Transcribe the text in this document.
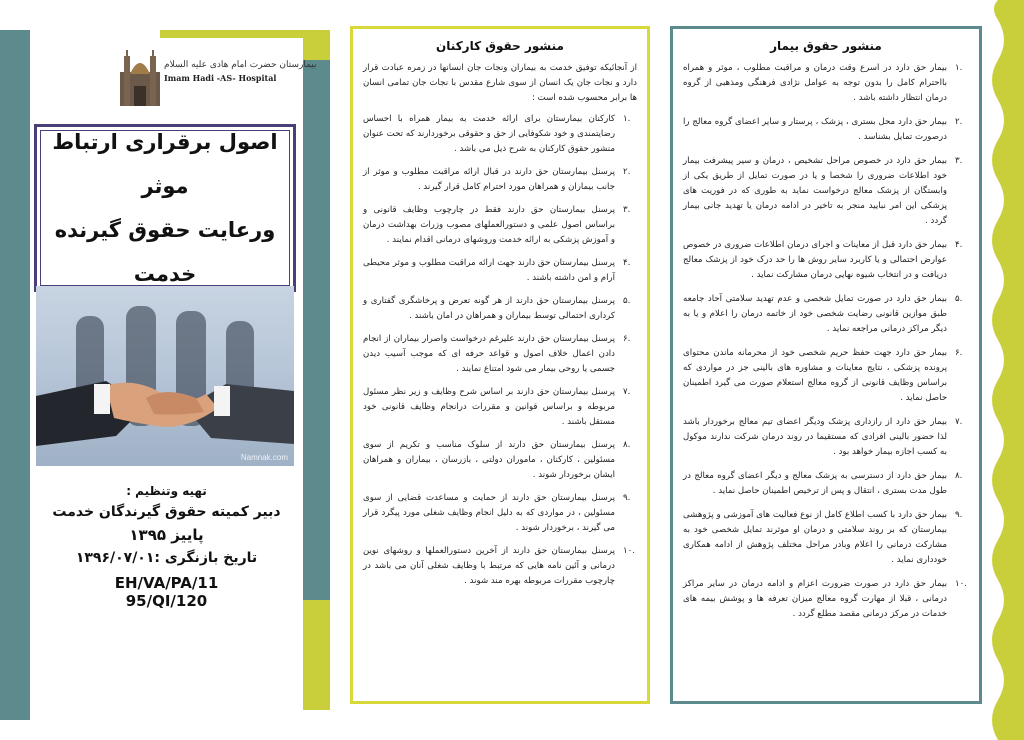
بیمارستان حضرت امام هادی علیه السلام
Imam Hadi -AS- Hospital
اصول برقراری ارتباط موثر
ورعایت حقوق گیرنده خدمت
Namnak.com
تهیه وتنظیم :
دبیر کمیته حقوق گیرندگان خدمت
پاییز ۱۳۹۵
تاریخ بازنگری :۱۳۹۶/۰۷/۰۱
EH/VA/PA/11
95/QI/120
منشور حقوق کارکنان
از آنجائیکه توفیق خدمت به بیماران ونجات جان انسانها در زمره عبادت قرار دارد و نجات جان یک انسان از سوی شارع مقدس با نجات جان تمامی انسان ها برابر محسوب شده است :
.۱
کارکنان بیمارستان برای ارائه خدمت به بیمار همراه با احساس رضایتمندی و خود شکوفایی از حق و حقوقی برخوردارند که تحت عنوان منشور حقوق کارکنان به شرح ذیل می باشد .
.۲
پرسنل بیمارستان حق دارند در قبال ارائه مراقبت مطلوب و موثر از جانب بیماران و همراهان مورد احترام کامل قرار گیرند .
.۳
پرسنل بیمارستان حق دارند فقط در چارچوب وظایف قانونی و براساس اصول علمی و دستورالعملهای مصوب وزرات بهداشت درمان و آموزش پزشکی به ارائه خدمت وروشهای درمانی اقدام نمایند .
.۴
پرسنل بیمارستان حق دارند جهت ارائه مراقبت مطلوب و موثر محیطی آرام و امن داشته باشند .
.۵
پرسنل بیمارستان حق دارند از هر گونه تعرض و پرخاشگری گفتاری و کرداری احتمالی توسط بیماران و همراهان در امان باشند .
.۶
پرسنل بیمارستان حق دارند علیرغم درخواست واصرار بیماران از انجام دادن اعمال خلاف اصول و قواعد حرفه ای که موجب آسیب دیدن جسمی یا روحی بیمار می شود امتناع نمایند .
.۷
پرسنل بیمارستان حق دارند بر اساس شرح وظایف و زیر نظر مسئول مربوطه و براساس قوانین و مقررات درانجام وظایف قانونی خود مستقل باشند .
.۸
پرسنل بیمارستان حق دارند از سلوک مناسب و تکریم از سوی مسئولین ، کارکنان ، ماموران دولتی ، بازرسان ، بیماران و همراهان ایشان برخوردار شوند .
.۹
پرسنل بیمارستان حق دارند از حمایت و مساعدت قضایی از سوی مسئولین ، در مواردی که به دلیل انجام وظایف شغلی مورد پیگرد قرار می گیرند ، برخوردار شوند .
.۱۰
پرسنل بیمارستان حق دارند از آخرین دستورالعملها و روشهای نوین درمانی و آئین نامه هایی که مرتبط با وظایف شغلی آنان می باشد در چارچوب مقررات مربوطه بهره مند شوند .
منشور حقوق بیمار
.۱
بیمار حق دارد در اسرع وقت درمان و مراقبت مطلوب ، موثر و همراه بااحترام کامل را بدون توجه به عوامل نژادی فرهنگی ومذهبی از گروه درمان انتظار داشته باشد .
.۲
بیمار حق دارد محل بستری ، پزشک ، پرستار و سایر اعضای گروه معالج را درصورت تمایل بشناسد .
.۳
بیمار حق دارد در خصوص مراحل تشخیص ، درمان و سیر پیشرفت بیمار خود اطلاعات ضروری را شخصا و یا در صورت تمایل از طریق یکی از وابستگان از پزشک معالج درخواست نماید به طوری که در فوریت های پزشکی این امر نبایید منجر به تاخیر در ادامه درمان یا تهدید جانی بیمار گردد .
.۴
بیمار حق دارد قبل از معاینات و اجرای درمان اطلاعات ضروری در خصوص عوارض احتمالی و یا کاربرد سایر روش ها را حد درک خود از پزشک معالج دریافت و در انتخاب شیوه نهایی درمان مشارکت نماید .
.۵
بیمار حق دارد در صورت تمایل شخصی و عدم تهدید سلامتی آحاد جامعه طبق موازین قانونی رضایت شخصی خود از خاتمه درمان را اعلام و یا به دیگر مراکز درمانی مراجعه نماید .
.۶
بیمار حق دارد جهت حفظ حریم شخصی خود از محرمانه ماندن محتوای پرونده پزشکی ، نتایج معاینات و مشاوره های بالینی جز در مواردی که براساس وظایف قانونی از گروه معالج استعلام صورت می گیرد اطمینان حاصل نماید .
.۷
بیمار حق دارد از رازداری پزشک ودیگر اعضای تیم معالج برخوردار باشد لذا حضور بالینی افرادی که مستقیما در روند درمان شرکت ندارند موکول به کسب اجازه بیمار خواهد بود .
.۸
بیمار حق دارد از دسترسی به پزشک معالج و دیگر اعضای گروه معالج در طول مدت بستری ، انتقال و پس از ترخیص اطمینان حاصل نماید .
.۹
بیمار حق دارد با کسب اطلاع کامل از نوع فعالیت های آموزشی و پژوهشی بیمارستان که بر روند سلامتی و درمان او موثرند تمایل شخصی خود به مشارکت درمانی را اعلام وبادر مراحل مختلف پژوهش از ادامه همکاری خودداری نماید .
.۱۰
بیمار حق دارد در صورت ضرورت اعزام و ادامه درمان در سایر مراکز درمانی ، قبلا از مهارت گروه معالج میزان تعرفه ها و پوشش بیمه های خدمات در مرکز درمانی مقصد مطلع گردد .
